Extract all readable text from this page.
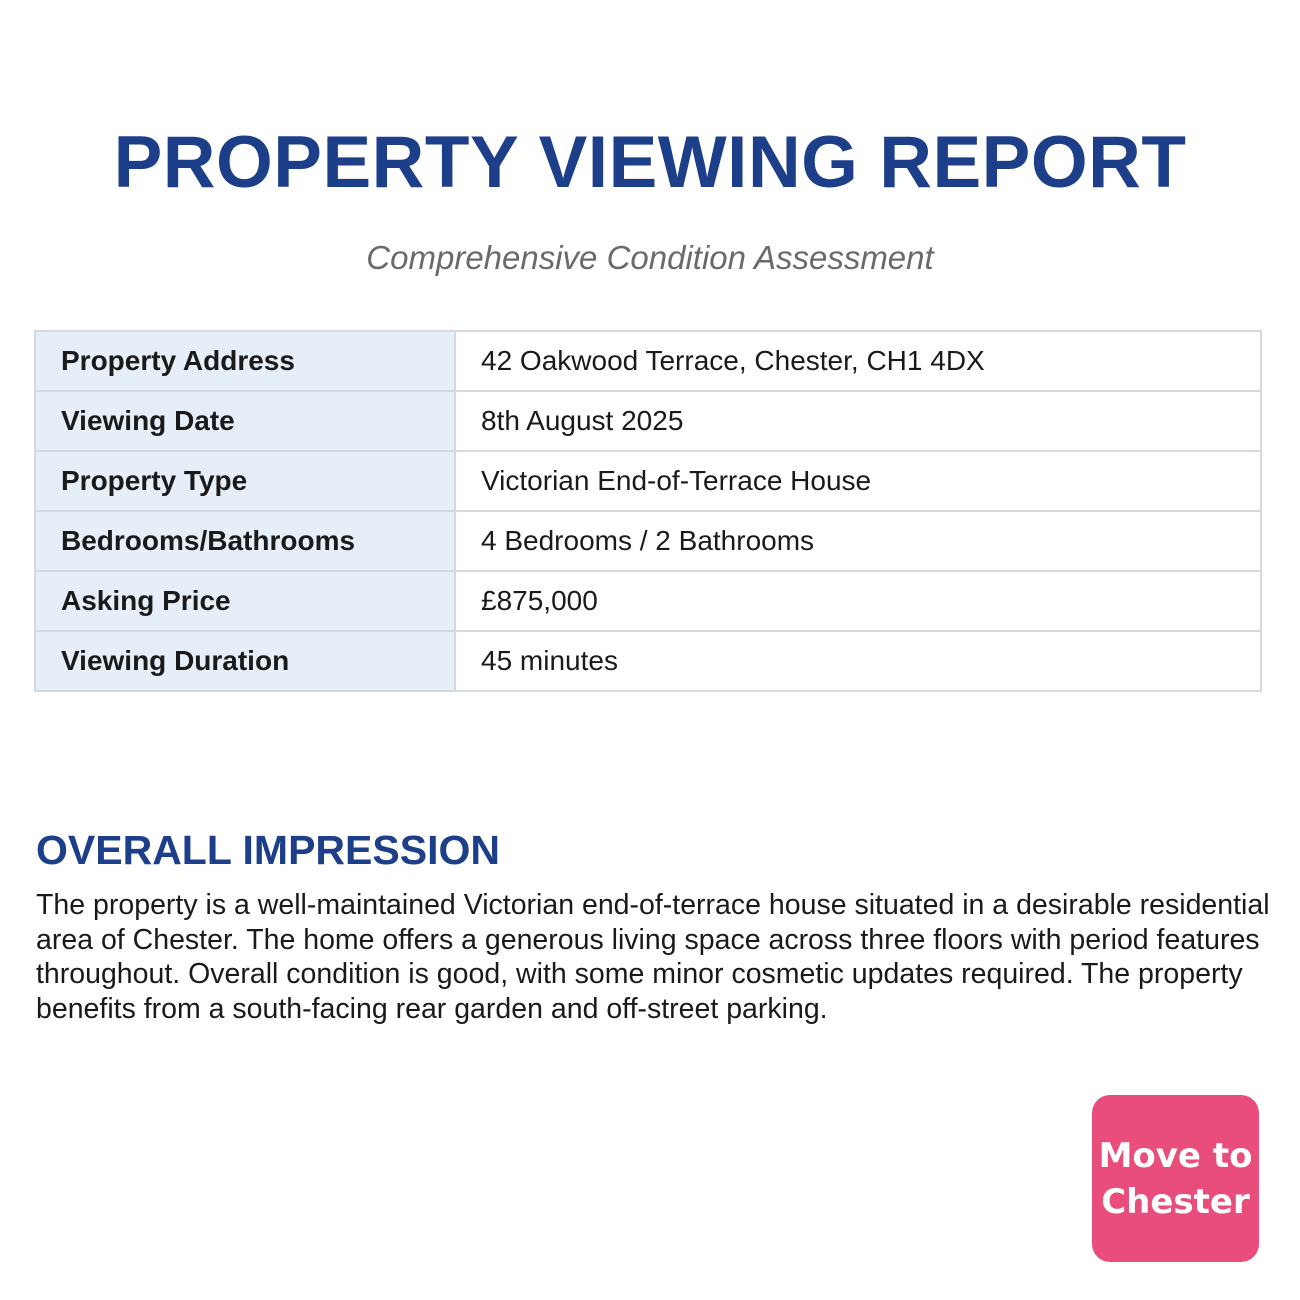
PROPERTY VIEWING REPORT
Comprehensive Condition Assessment
Property Address	42 Oakwood Terrace, Chester, CH1 4DX
Viewing Date	8th August 2025
Property Type	Victorian End-of-Terrace House
Bedrooms/Bathrooms	4 Bedrooms / 2 Bathrooms
Asking Price	£875,000
Viewing Duration	45 minutes
OVERALL IMPRESSION

The property is a well-maintained Victorian end-of-terrace house situated in a desirable residential area of Chester. The home offers a generous living space across three floors with period features throughout. Overall condition is good, with some minor cosmetic updates required. The property benefits from a south-facing rear garden and off-street parking.

Move to
Chester
